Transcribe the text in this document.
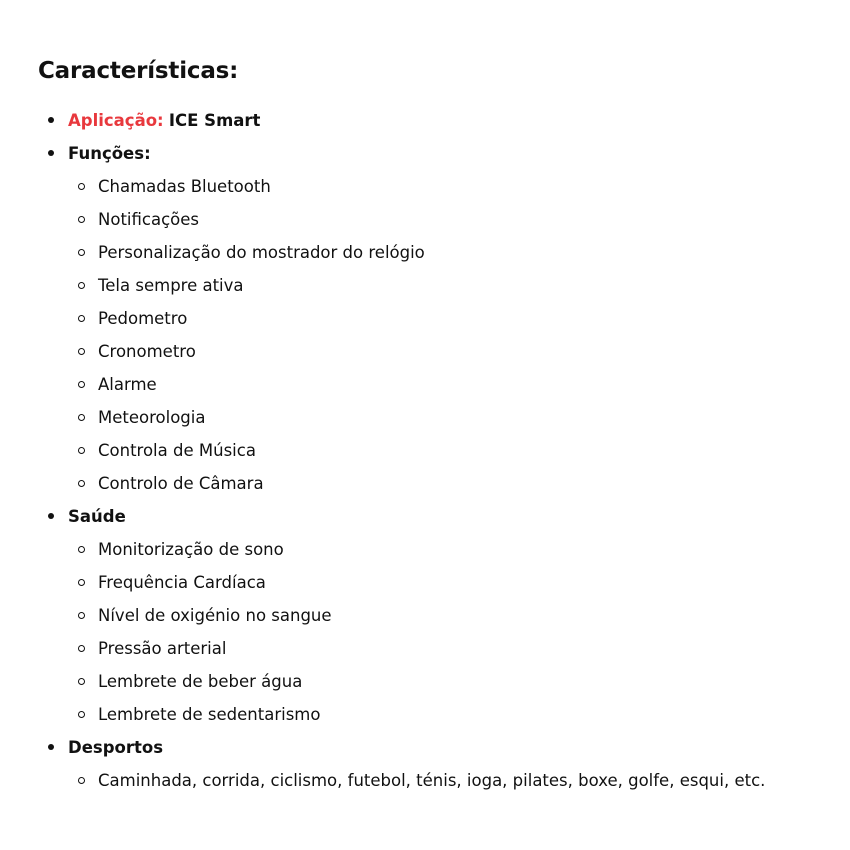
Características:
Aplicação: ICE Smart
Funções:
Chamadas Bluetooth
Notificações
Personalização do mostrador do relógio
Tela sempre ativa
Pedometro
Cronometro
Alarme
Meteorologia
Controla de Música
Controlo de Câmara
Saúde
Monitorização de sono
Frequência Cardíaca
Nível de oxigénio no sangue
Pressão arterial
Lembrete de beber água
Lembrete de sedentarismo
Desportos
Caminhada, corrida, ciclismo, futebol, ténis, ioga, pilates, boxe, golfe, esqui, etc.
